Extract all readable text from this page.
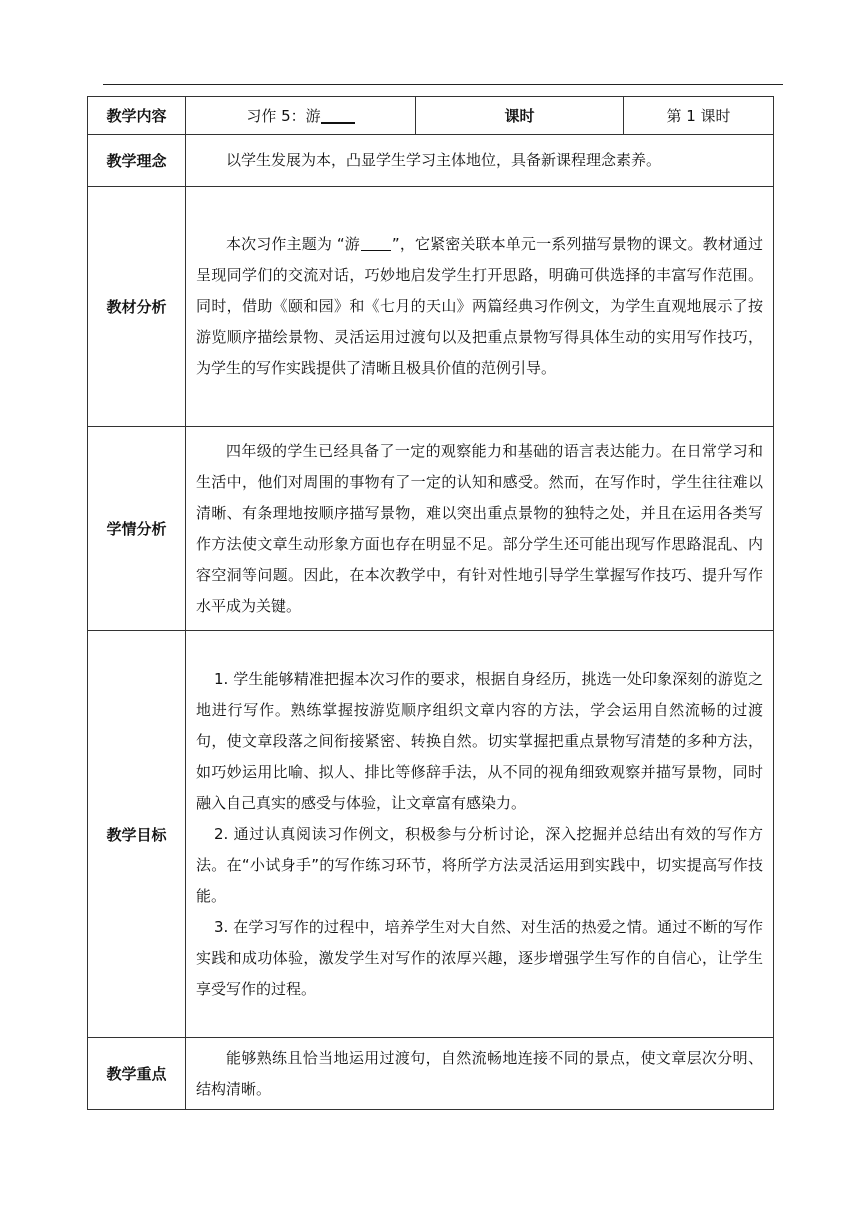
教学内容	习作 5：游	课时	第 1 课时
教学理念	以学生发展为本，凸显学生学习主体地位，具备新课程理念素养。		

教材分析	本次习作主题为 “游 ”，它紧密关联本单元一系列描写景物的课文。教材通过呈现同学们的交流对话，巧妙地启发学生打开思路，明确可供选择的丰富写作范围。同时，借助《颐和园》和《七月的天山》两篇经典习作例文，为学生直观地展示了按游览顺序描绘景物、灵活运用过渡句以及把重点景物写得具体生动的实用写作技巧，为学生的写作实践提供了清晰且极具价值的范例引导。		

学情分析	四年级的学生已经具备了一定的观察能力和基础的语言表达能力。在日常学习和生活中，他们对周围的事物有了一定的认知和感受。然而，在写作时，学生往往难以清晰、有条理地按顺序描写景物，难以突出重点景物的独特之处，并且在运用各类写作方法使文章生动形象方面也存在明显不足。部分学生还可能出现写作思路混乱、内容空洞等问题。因此，在本次教学中，有针对性地引导学生掌握写作技巧、提升写作水平成为关键。		

教学目标	1. 学生能够精准把握本次习作的要求，根据自身经历，挑选一处印象深刻的游览之地进行写作。熟练掌握按游览顺序组织文章内容的方法，学会运用自然流畅的过渡句，使文章段落之间衔接紧密、转换自然。切实掌握把重点景物写清楚的多种方法，如巧妙运用比喻、拟人、排比等修辞手法，从不同的视角细致观察并描写景物，同时融入自己真实的感受与体验，让文章富有感染力。

2. 通过认真阅读习作例文，积极参与分析讨论，深入挖掘并总结出有效的写作方法。在“小试身手”的写作练习环节，将所学方法灵活运用到实践中，切实提高写作技能。

3. 在学习写作的过程中，培养学生对大自然、对生活的热爱之情。通过不断的写作实践和成功体验，激发学生对写作的浓厚兴趣，逐步增强学生写作的自信心，让学生享受写作的过程。		

教学重点	能够熟练且恰当地运用过渡句，自然流畅地连接不同的景点，使文章层次分明、结构清晰。		
